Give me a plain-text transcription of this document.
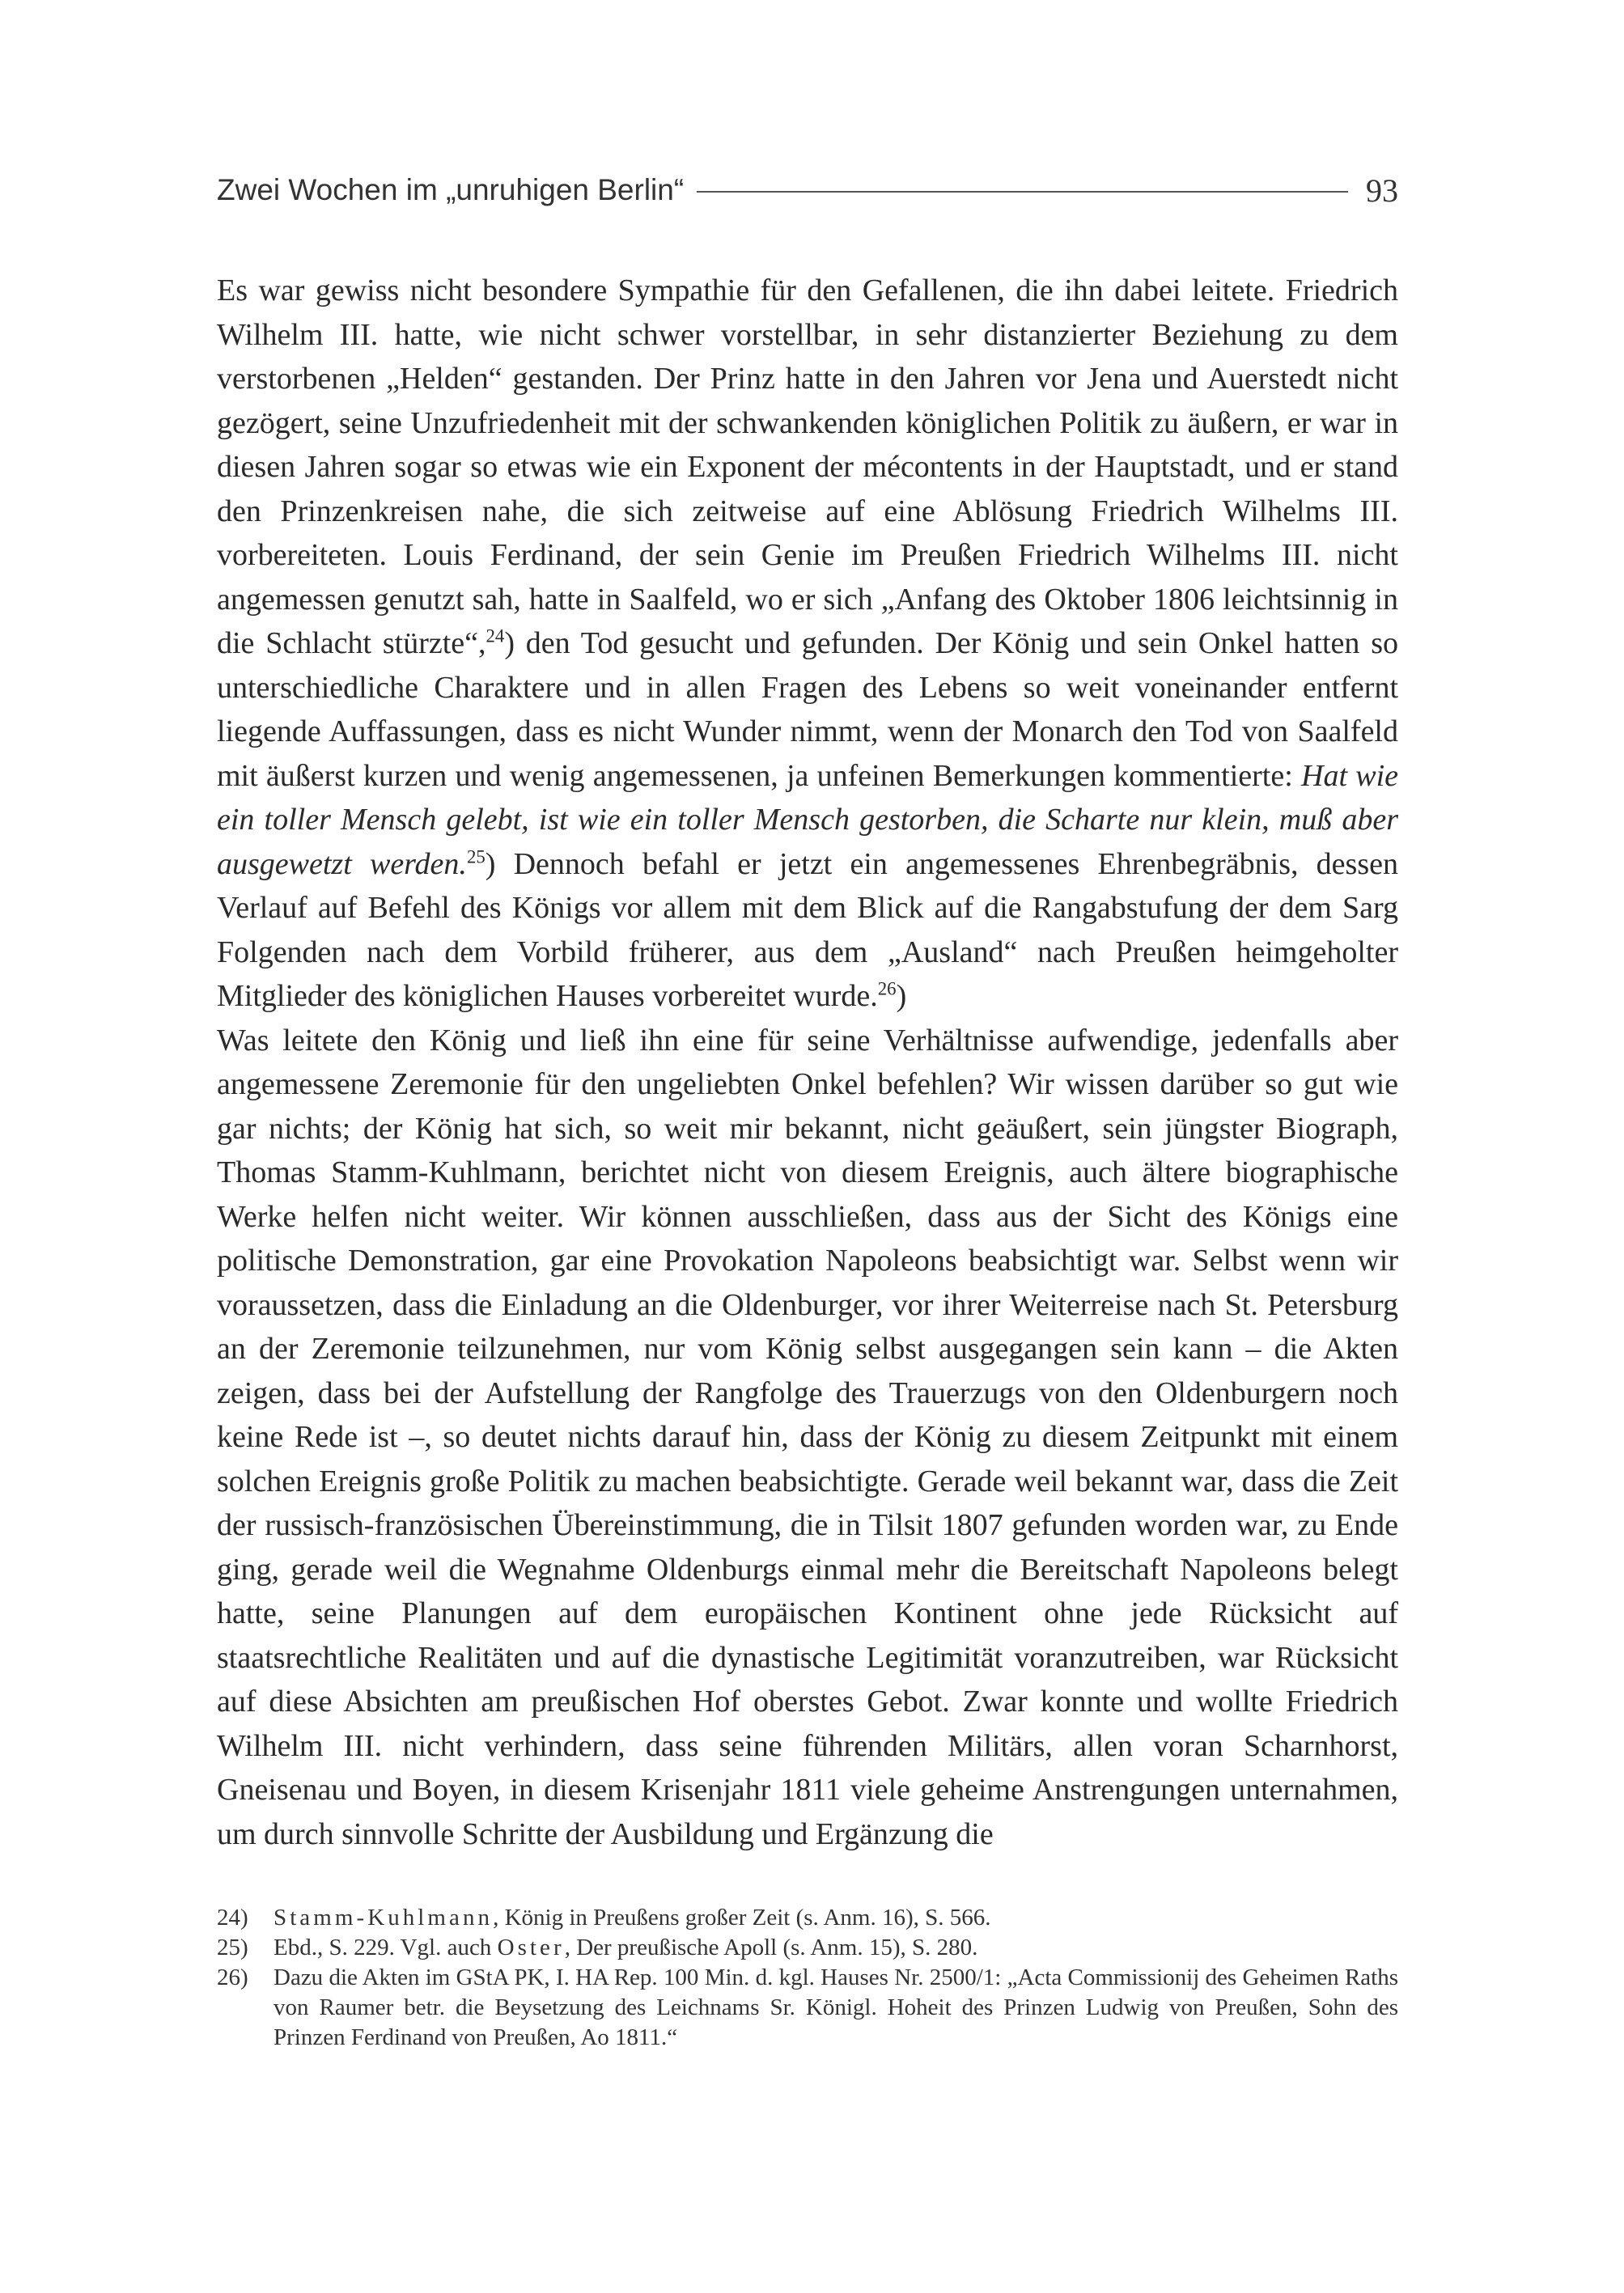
Zwei Wochen im „unruhigen Berlin“	93

Es war gewiss nicht besondere Sympathie für den Gefallenen, die ihn dabei leitete. Friedrich Wilhelm III. hatte, wie nicht schwer vorstellbar, in sehr distanzierter Beziehung zu dem verstorbenen „Helden“ gestanden. Der Prinz hatte in den Jahren vor Jena und Auerstedt nicht gezögert, seine Unzufriedenheit mit der schwankenden königlichen Politik zu äußern, er war in diesen Jahren sogar so etwas wie ein Exponent der mécontents in der Hauptstadt, und er stand den Prinzenkreisen nahe, die sich zeitweise auf eine Ablösung Friedrich Wilhelms III. vorbereiteten. Louis Ferdinand, der sein Genie im Preußen Friedrich Wilhelms III. nicht angemessen genutzt sah, hatte in Saalfeld, wo er sich „Anfang des Oktober 1806 leichtsinnig in die Schlacht stürzte“,$^{24}$) den Tod gesucht und gefunden. Der König und sein Onkel hatten so unterschiedliche Charaktere und in allen Fragen des Lebens so weit voneinander entfernt liegende Auffassungen, dass es nicht Wunder nimmt, wenn der Monarch den Tod von Saalfeld mit äußerst kurzen und wenig angemessenen, ja unfeinen Bemerkungen kommentierte: Hat wie ein toller Mensch gelebt, ist wie ein toller Mensch gestorben, die Scharte nur klein, muß aber ausgewetzt werden.$^{25}$) Dennoch befahl er jetzt ein angemessenes Ehrenbegräbnis, dessen Verlauf auf Befehl des Königs vor allem mit dem Blick auf die Rangabstufung der dem Sarg Folgenden nach dem Vorbild früherer, aus dem „Ausland“ nach Preußen heimgeholter Mitglieder des königlichen Hauses vorbereitet wurde.$^{26}$)

Was leitete den König und ließ ihn eine für seine Verhältnisse aufwendige, jedenfalls aber angemessene Zeremonie für den ungeliebten Onkel befehlen? Wir wissen darüber so gut wie gar nichts; der König hat sich, so weit mir bekannt, nicht geäußert, sein jüngster Biograph, Thomas Stamm-Kuhlmann, berichtet nicht von diesem Ereignis, auch ältere biographische Werke helfen nicht weiter. Wir können ausschließen, dass aus der Sicht des Königs eine politische Demonstration, gar eine Provokation Napoleons beabsichtigt war. Selbst wenn wir voraussetzen, dass die Einladung an die Oldenburger, vor ihrer Weiterreise nach St. Petersburg an der Zeremonie teilzunehmen, nur vom König selbst ausgegangen sein kann – die Akten zeigen, dass bei der Aufstellung der Rangfolge des Trauerzugs von den Oldenburgern noch keine Rede ist –, so deutet nichts darauf hin, dass der König zu diesem Zeitpunkt mit einem solchen Ereignis große Politik zu machen beabsichtigte. Gerade weil bekannt war, dass die Zeit der russisch-französischen Übereinstimmung, die in Tilsit 1807 gefunden worden war, zu Ende ging, gerade weil die Wegnahme Oldenburgs einmal mehr die Bereitschaft Napoleons belegt hatte, seine Planungen auf dem europäischen Kontinent ohne jede Rücksicht auf staatsrechtliche Realitäten und auf die dynastische Legitimität voranzutreiben, war Rücksicht auf diese Absichten am preußischen Hof oberstes Gebot. Zwar konnte und wollte Friedrich Wilhelm III. nicht verhindern, dass seine führenden Militärs, allen voran Scharnhorst, Gneisenau und Boyen, in diesem Krisenjahr 1811 viele geheime Anstrengungen unternahmen, um durch sinnvolle Schritte der Ausbildung und Ergänzung die

24)	Stamm-Kuhlmann, König in Preußens großer Zeit (s. Anm. 16), S. 566.
25)	Ebd., S. 229. Vgl. auch Oster, Der preußische Apoll (s. Anm. 15), S. 280.
26)	Dazu die Akten im GStA PK, I. HA Rep. 100 Min. d. kgl. Hauses Nr. 2500/1: „Acta Commissionij des Geheimen Raths von Raumer betr. die Beysetzung des Leichnams Sr. Königl. Hoheit des Prinzen Ludwig von Preußen, Sohn des Prinzen Ferdinand von Preußen, Ao 1811.“
